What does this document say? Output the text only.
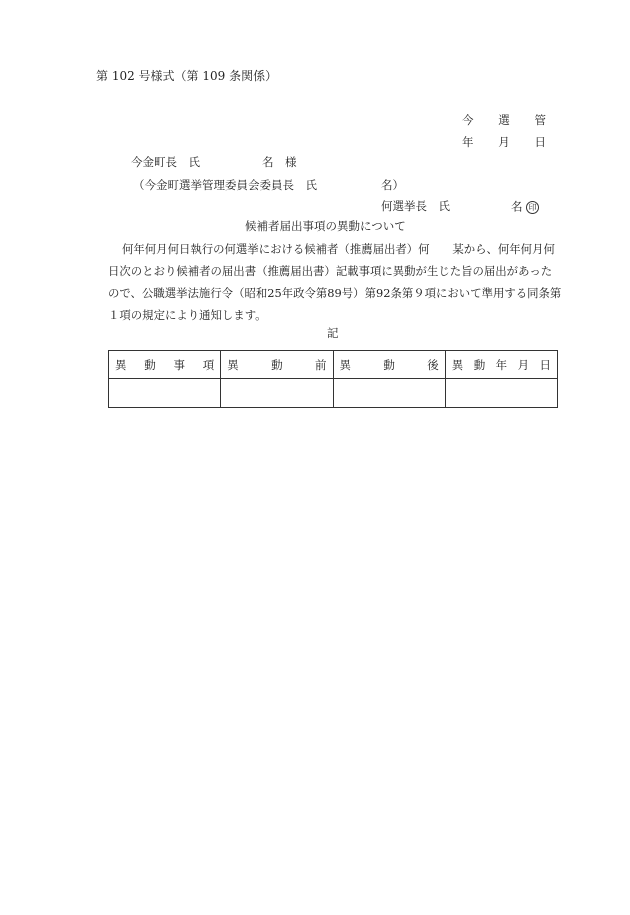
第 102 号様式（第 109 条関係）
今 選 管
年 月 日
今金町長　氏	名　様
（今金町選挙管理委員会委員長　氏	名）
何選挙長　氏	名 印
候補者届出事項の異動について
何年何月何日執行の何選挙における候補者（推薦届出者）何　　某から、何年何月何
日次のとおり候補者の届出書（推薦届出書）記載事項に異動が生じた旨の届出があった
ので、公職選挙法施行令（昭和25年政令第89号）第92条第９項において準用する同条第
１項の規定により通知します。
記
異 動 事 項	異 動 前	異 動 後	異 動 年 月 日
